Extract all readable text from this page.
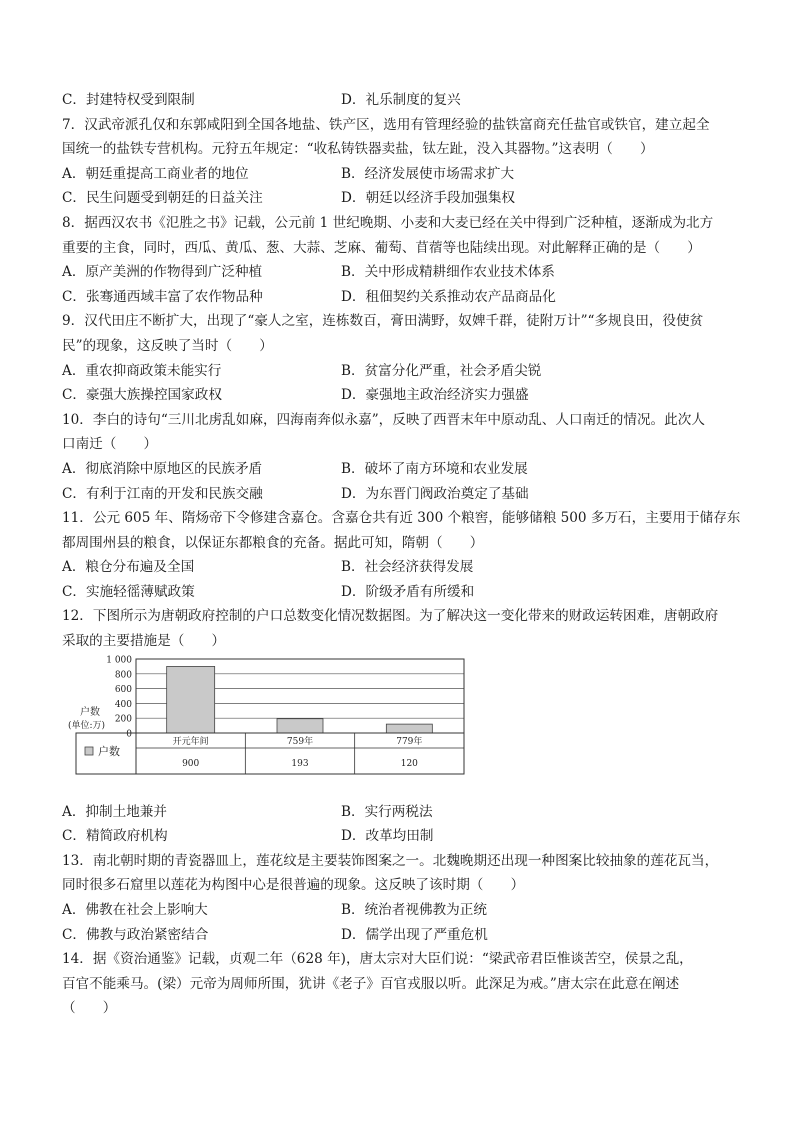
C．封建特权受到限制	D．礼乐制度的复兴
7．汉武帝派孔仅和东郭咸阳到全国各地盐、铁产区，选用有管理经验的盐铁富商充任盐官或铁官，建立起全
国统一的盐铁专营机构。元狩五年规定：“收私铸铁器卖盐，钛左趾，没入其器物。”这表明（　　）
A．朝廷重提高工商业者的地位	B．经济发展使市场需求扩大
C．民生问题受到朝廷的日益关注	D．朝廷以经济手段加强集权
8．据西汉农书《氾胜之书》记载，公元前 1 世纪晚期、小麦和大麦已经在关中得到广泛种植，逐渐成为北方
重要的主食，同时，西瓜、黄瓜、葱、大蒜、芝麻、葡萄、苜蓿等也陆续出现。对此解释正确的是（　　）
A．原产美洲的作物得到广泛种植	B．关中形成精耕细作农业技术体系
C．张骞通西域丰富了农作物品种	D．租佃契约关系推动农产品商品化
9．汉代田庄不断扩大，出现了“豪人之室，连栋数百，膏田满野，奴婢千群，徒附万计”“多规良田，役使贫
民”的现象，这反映了当时（　　）
A．重农抑商政策未能实行	B．贫富分化严重，社会矛盾尖锐
C．豪强大族操控国家政权	D．豪强地主政治经济实力强盛
10．李白的诗句“三川北虏乱如麻，四海南奔似永嘉”，反映了西晋末年中原动乱、人口南迁的情况。此次人
口南迁（　　）
A．彻底消除中原地区的民族矛盾	B．破坏了南方环境和农业发展
C．有利于江南的开发和民族交融	D．为东晋门阀政治奠定了基础
11．公元 605 年、隋炀帝下令修建含嘉仓。含嘉仓共有近 300 个粮窖，能够储粮 500 多万石，主要用于储存东
都周围州县的粮食，以保证东都粮食的充备。据此可知，隋朝（　　）
A．粮仓分布遍及全国	B．社会经济获得发展
C．实施轻徭薄赋政策	D．阶级矛盾有所缓和
12．下图所示为唐朝政府控制的户口总数变化情况数据图。为了解决这一变化带来的财政运转困难，唐朝政府
采取的主要措施是（　　）
1 000
800
600
400
200
0
户数
(单位:万)
户数
开元年间
900
759年
193
779年
120
A．抑制土地兼并	B．实行两税法
C．精简政府机构	D．改革均田制
13．南北朝时期的青瓷器皿上，莲花纹是主要装饰图案之一。北魏晚期还出现一种图案比较抽象的莲花瓦当，
同时很多石窟里以莲花为构图中心是很普遍的现象。这反映了该时期（　　）
A．佛教在社会上影响大	B．统治者视佛教为正统
C．佛教与政治紧密结合	D．儒学出现了严重危机
14．据《资治通鉴》记载，贞观二年（628 年)，唐太宗对大臣们说：“梁武帝君臣惟谈苦空，侯景之乱，
百官不能乘马。(梁）元帝为周师所围，犹讲《老子》百官戎服以听。此深足为戒。”唐太宗在此意在阐述
（　　）
